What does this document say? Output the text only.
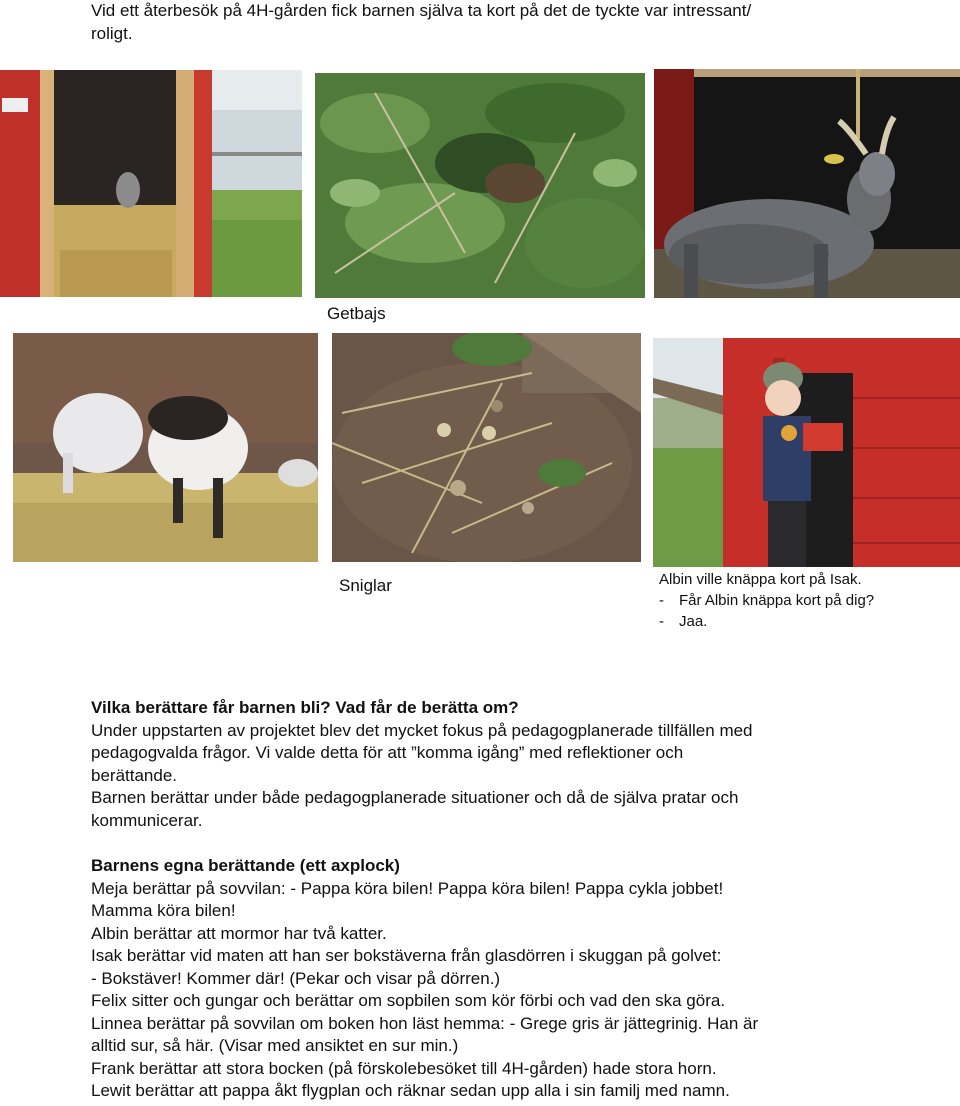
Vid ett återbesök på 4H-gården fick barnen själva ta kort på det de tyckte var intressant/
roligt.
Getbajs
Sniglar	Albin ville knäppa kort på Isak.
- Får Albin knäppa kort på dig?
- Jaa.
Vilka berättare får barnen bli? Vad får de berätta om?
Under uppstarten av projektet blev det mycket fokus på pedagogplanerade tillfällen med
pedagogvalda frågor. Vi valde detta för att ”komma igång” med reflektioner och
berättande.
Barnen berättar under både pedagogplanerade situationer och då de själva pratar och
kommunicerar.
Barnens egna berättande (ett axplock)
Meja berättar på sovvilan: - Pappa köra bilen! Pappa köra bilen! Pappa cykla jobbet!
Mamma köra bilen!
Albin berättar att mormor har två katter.
Isak berättar vid maten att han ser bokstäverna från glasdörren i skuggan på golvet:
- Bokstäver! Kommer där! (Pekar och visar på dörren.)
Felix sitter och gungar och berättar om sopbilen som kör förbi och vad den ska göra.
Linnea berättar på sovvilan om boken hon läst hemma: - Grege gris är jättegrinig. Han är
alltid sur, så här. (Visar med ansiktet en sur min.)
Frank berättar att stora bocken (på förskolebesöket till 4H-gården) hade stora horn.
Lewit berättar att pappa åkt flygplan och räknar sedan upp alla i sin familj med namn.
